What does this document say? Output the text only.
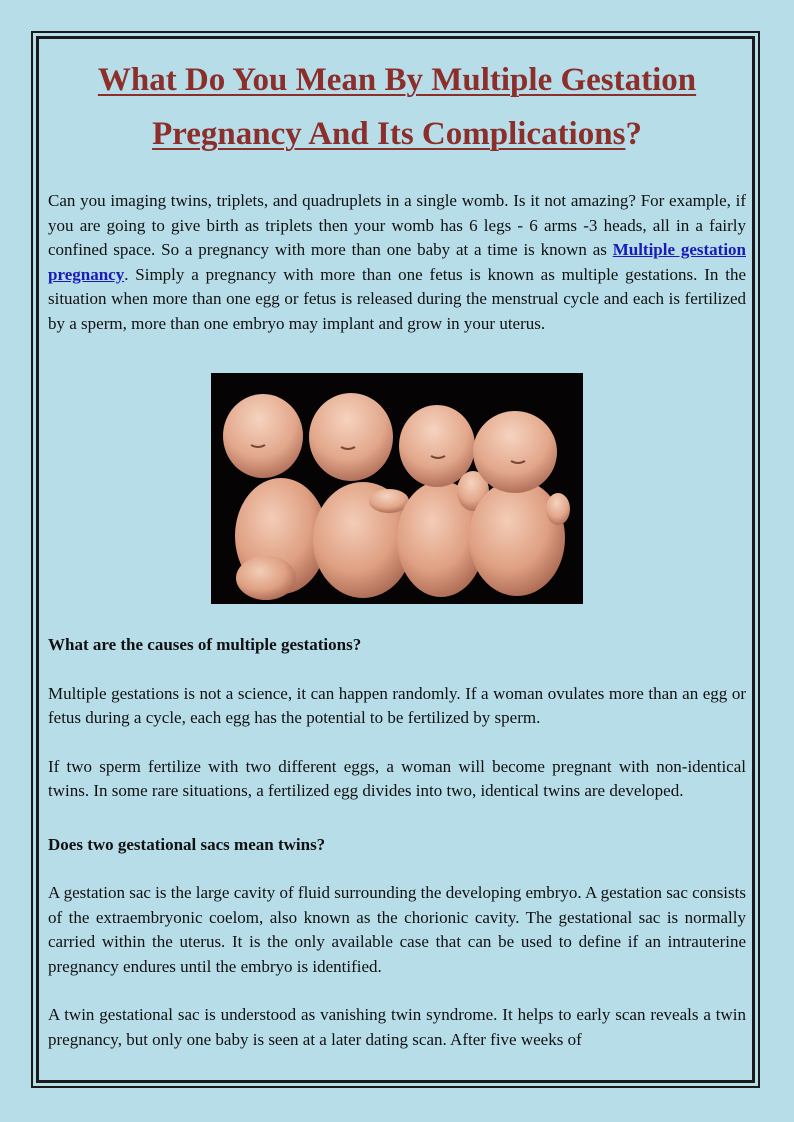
What Do You Mean By Multiple Gestation
Pregnancy And Its Complications?

Can you imaging twins, triplets, and quadruplets in a single womb. Is it not amazing? For example, if you are going to give birth as triplets then your womb has 6 legs - 6 arms -3 heads, all in a fairly confined space. So a pregnancy with more than one baby at a time is known as Multiple gestation pregnancy. Simply a pregnancy with more than one fetus is known as multiple gestations. In the situation when more than one egg or fetus is released during the menstrual cycle and each is fertilized by a sperm, more than one embryo may implant and grow in your uterus.

What are the causes of multiple gestations?

Multiple gestations is not a science, it can happen randomly. If a woman ovulates more than an egg or fetus during a cycle, each egg has the potential to be fertilized by sperm.

If two sperm fertilize with two different eggs, a woman will become pregnant with non-identical twins. In some rare situations, a fertilized egg divides into two, identical twins are developed.

Does two gestational sacs mean twins?

A gestation sac is the large cavity of fluid surrounding the developing embryo. A gestation sac consists of the extraembryonic coelom, also known as the chorionic cavity. The gestational sac is normally carried within the uterus. It is the only available case that can be used to define if an intrauterine pregnancy endures until the embryo is identified.

A twin gestational sac is understood as vanishing twin syndrome. It helps to early scan reveals a twin pregnancy, but only one baby is seen at a later dating scan. After five weeks of
